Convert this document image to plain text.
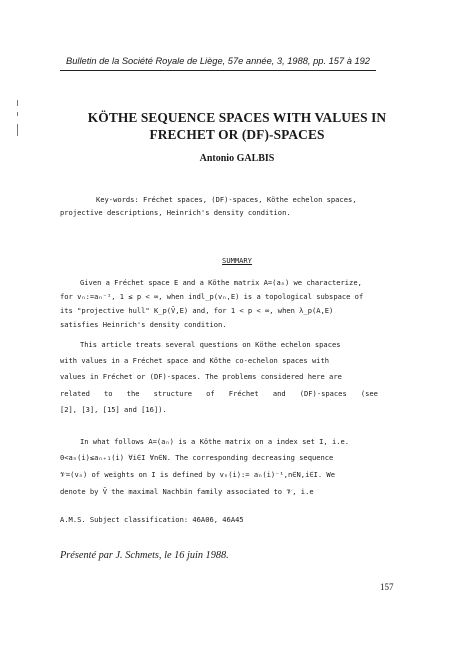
Bulletin de la Société Royale de Liège, 57e année, 3, 1988, pp. 157 à 192
KÖTHE SEQUENCE SPACES WITH VALUES IN
FRECHET OR (DF)-SPACES
Antonio GALBIS
Key-words: Fréchet spaces, (DF)-spaces, Köthe echelon spaces,
projective descriptions, Heinrich's density condition.
SUMMARY
Given a Fréchet space E and a Köthe matrix A=(aₙ) we characterize,
for vₙ:=aₙ⁻¹, 1 ≤ p < ∞, when indl_p(vₙ,E) is a topological subspace of
its "projective hull" K_p(V̄,E) and, for 1 < p < ∞, when λ_p(A,E)
satisfies Heinrich's density condition.
This article treats several questions on Köthe echelon spaces
with values in a Fréchet space and Köthe co-echelon spaces with
values in Fréchet or (DF)-spaces. The problems considered here are
related to the structure of Fréchet and (DF)-spaces (see
[2], [3], [15] and [16]).
In what follows A=(aₙ) is a Köthe matrix on a index set I, i.e.
0<aₙ(i)≤aₙ₊₁(i) ∀i∈I ∀n∈N. The corresponding decreasing sequence
𝒱=(vₙ) of weights on I is defined by vₙ(i):= aₙ(i)⁻¹,n∈N,i∈I. We
denote by V̄ the maximal Nachbin family associated to 𝒱, i.e
A.M.S. Subject classification: 46A06, 46A45
Présenté par J. Schmets, le 16 juin 1988.
157
